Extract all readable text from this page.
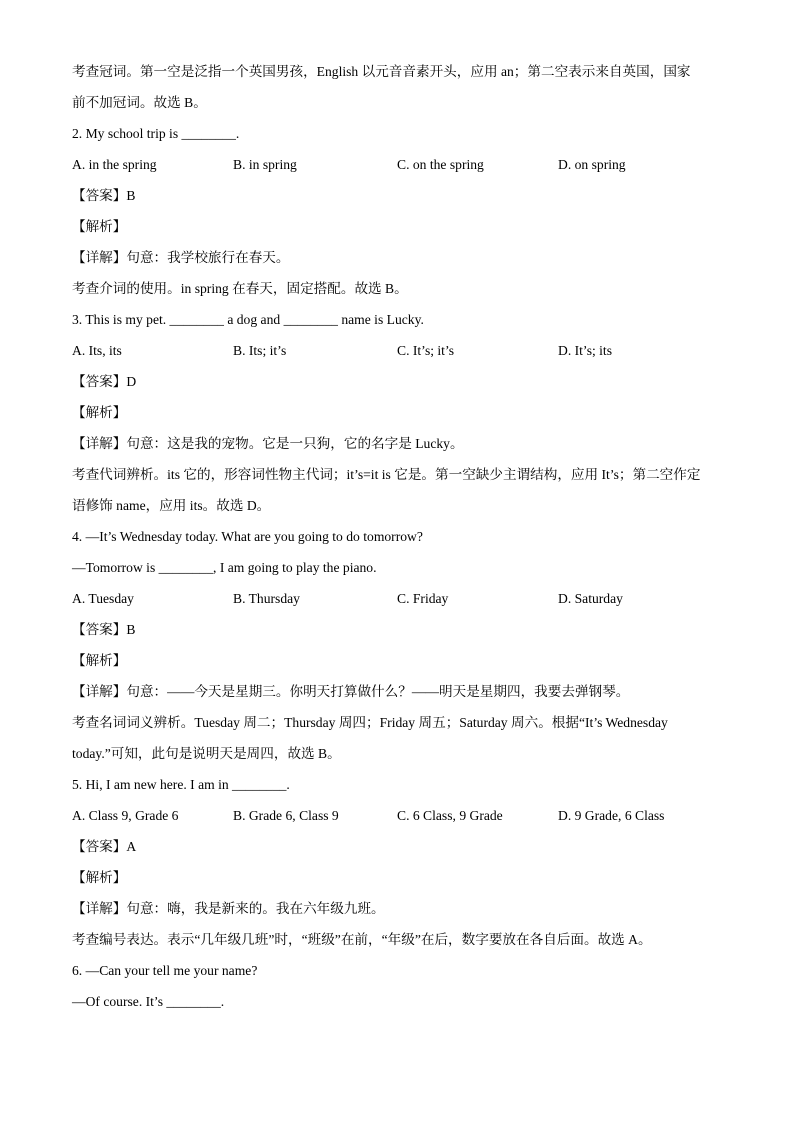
考查冠词。第一空是泛指一个英国男孩，English 以元音音素开头，应用 an；第二空表示来自英国，国家
前不加冠词。故选 B。
2. My school trip is ________.
A. in the spring	B. in spring	C. on the spring	D. on spring
【答案】B
【解析】
【详解】句意：我学校旅行在春天。
考查介词的使用。in spring 在春天，固定搭配。故选 B。
3. This is my pet. ________ a dog and ________ name is Lucky.
A. Its, its	B. Its; it’s	C. It’s; it’s	D. It’s; its
【答案】D
【解析】
【详解】句意：这是我的宠物。它是一只狗，它的名字是 Lucky。
考查代词辨析。its 它的，形容词性物主代词；it’s=it is 它是。第一空缺少主谓结构，应用 It’s；第二空作定
语修饰 name，应用 its。故选 D。
4. —It’s Wednesday today. What are you going to do tomorrow?
—Tomorrow is ________, I am going to play the piano.
A. Tuesday	B. Thursday	C. Friday	D. Saturday
【答案】B
【解析】
【详解】句意：——今天是星期三。你明天打算做什么？——明天是星期四，我要去弹钢琴。
考查名词词义辨析。Tuesday 周二；Thursday 周四；Friday 周五；Saturday 周六。根据“It’s Wednesday
today.”可知，此句是说明天是周四，故选 B。
5. Hi, I am new here. I am in ________.
A. Class 9, Grade 6	B. Grade 6, Class 9	C. 6 Class, 9 Grade	D. 9 Grade, 6 Class
【答案】A
【解析】
【详解】句意：嗨，我是新来的。我在六年级九班。
考查编号表达。表示“几年级几班”时，“班级”在前，“年级”在后，数字要放在各自后面。故选 A。
6. —Can your tell me your name?
—Of course. It’s ________.
